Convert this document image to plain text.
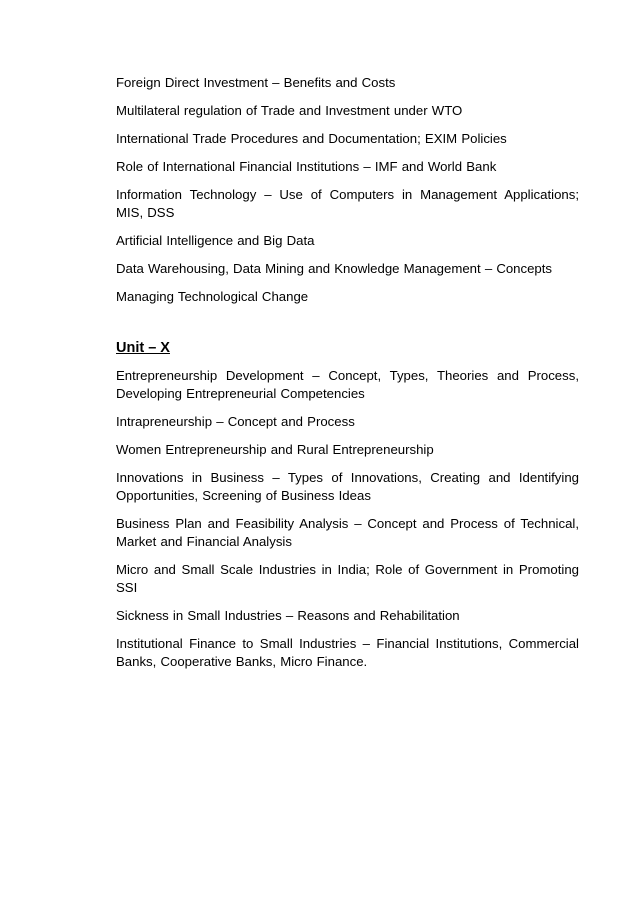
Foreign Direct Investment – Benefits and Costs

Multilateral regulation of Trade and Investment under WTO

International Trade Procedures and Documentation; EXIM Policies

Role of International Financial Institutions – IMF and World Bank

Information Technology – Use of Computers in Management Applications; MIS, DSS

Artificial Intelligence and Big Data

Data Warehousing, Data Mining and Knowledge Management – Concepts

Managing Technological Change

Unit – X

Entrepreneurship Development – Concept, Types, Theories and Process, Developing Entrepreneurial Competencies

Intrapreneurship – Concept and Process

Women Entrepreneurship and Rural Entrepreneurship

Innovations in Business – Types of Innovations, Creating and Identifying Opportunities, Screening of Business Ideas

Business Plan and Feasibility Analysis – Concept and Process of Technical, Market and Financial Analysis

Micro and Small Scale Industries in India; Role of Government in Promoting SSI

Sickness in Small Industries – Reasons and Rehabilitation

Institutional Finance to Small Industries – Financial Institutions, Commercial Banks, Cooperative Banks, Micro Finance.
